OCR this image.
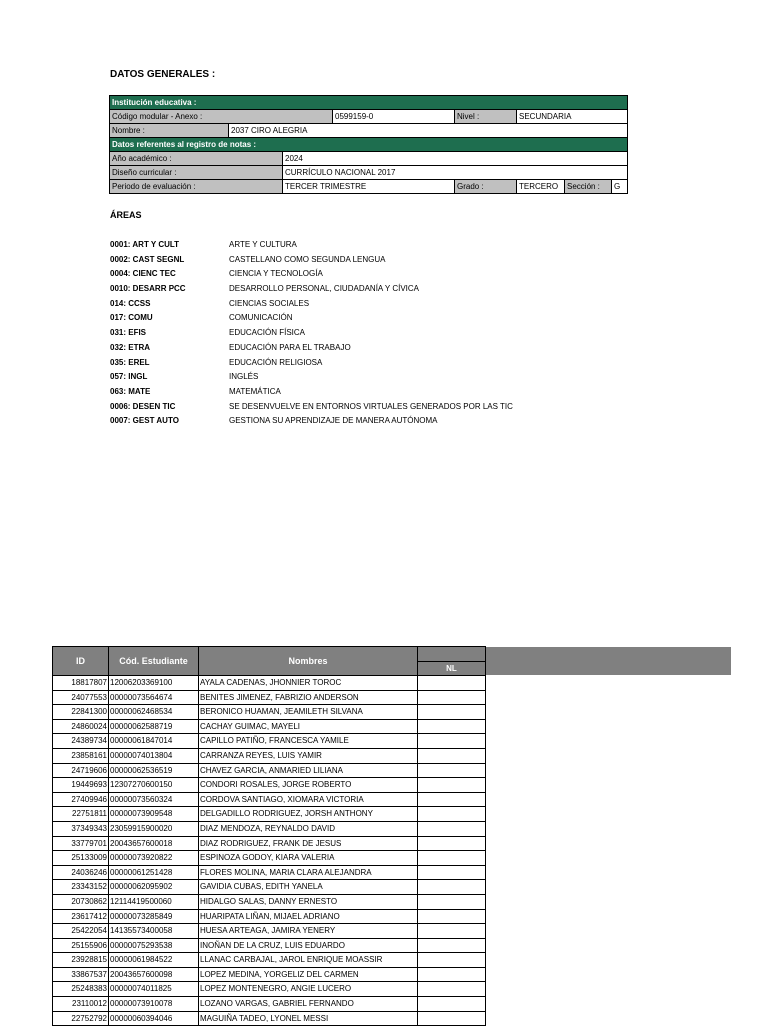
DATOS GENERALES :
Institución educativa :							
Código modular - Anexo :			0599159-0	Nivel :	SECUNDARIA		
Nombre :	2037 CIRO ALEGRIA						
Datos referentes al registro de notas :							
Año académico :		2024					
Diseño curricular :		CURRÍCULO NACIONAL 2017					
Periodo de evaluación :		TERCER TRIMESTRE		Grado :	TERCERO	Sección :	G
ÁREAS
0001: ART Y CULT	ARTE Y CULTURA
0002: CAST SEGNL	CASTELLANO COMO SEGUNDA LENGUA
0004: CIENC TEC	CIENCIA Y TECNOLOGÍA
0010: DESARR PCC	DESARROLLO PERSONAL, CIUDADANÍA Y CÍVICA
014: CCSS	CIENCIAS SOCIALES
017: COMU	COMUNICACIÓN
031: EFIS	EDUCACIÓN FÍSICA
032: ETRA	EDUCACIÓN PARA EL TRABAJO
035: EREL	EDUCACIÓN RELIGIOSA
057: INGL	INGLÉS
063: MATE	MATEMÁTICA
0006: DESEN TIC	SE DESENVUELVE EN ENTORNOS VIRTUALES GENERADOS POR LAS TIC
0007: GEST AUTO	GESTIONA SU APRENDIZAJE DE MANERA AUTÓNOMA
ID	Cód. Estudiante	Nombres	NL

18817807	12006203369100	AYALA CADENAS, JHONNIER TOROC	
24077553	00000073564674	BENITES JIMENEZ, FABRIZIO ANDERSON	
22841300	00000062468534	BERONICO HUAMAN, JEAMILETH SILVANA	
24860024	00000062588719	CACHAY GUIMAC, MAYELI	
24389734	00000061847014	CAPILLO PATIÑO, FRANCESCA YAMILE	
23858161	00000074013804	CARRANZA REYES, LUIS YAMIR	
24719606	00000062536519	CHAVEZ GARCIA, ANMARIED LILIANA	
19449693	12307270600150	CONDORI ROSALES, JORGE ROBERTO	
27409946	00000073560324	CORDOVA SANTIAGO, XIOMARA VICTORIA	
22751811	00000073909548	DELGADILLO RODRIGUEZ, JORSH ANTHONY	
37349343	23059915900020	DIAZ MENDOZA, REYNALDO DAVID	
33779701	20043657600018	DIAZ RODRIGUEZ, FRANK DE JESUS	
25133009	00000073920822	ESPINOZA GODOY, KIARA VALERIA	
24036246	00000061251428	FLORES MOLINA, MARIA CLARA ALEJANDRA	
23343152	00000062095902	GAVIDIA CUBAS, EDITH YANELA	
20730862	12114419500060	HIDALGO SALAS, DANNY ERNESTO	
23617412	00000073285849	HUARIPATA LIÑAN, MIJAEL ADRIANO	
25422054	14135573400058	HUESA ARTEAGA, JAMIRA YENERY	
25155906	00000075293538	INOÑAN DE LA CRUZ, LUIS EDUARDO	
23928815	00000061984522	LLANAC CARBAJAL, JAROL ENRIQUE MOASSIR	
33867537	20043657600098	LOPEZ MEDINA, YORGELIZ DEL CARMEN	
25248383	00000074011825	LOPEZ MONTENEGRO, ANGIE LUCERO	
23110012	00000073910078	LOZANO VARGAS, GABRIEL FERNANDO	
22752792	00000060394046	MAGUIÑA TADEO, LYONEL MESSI	
